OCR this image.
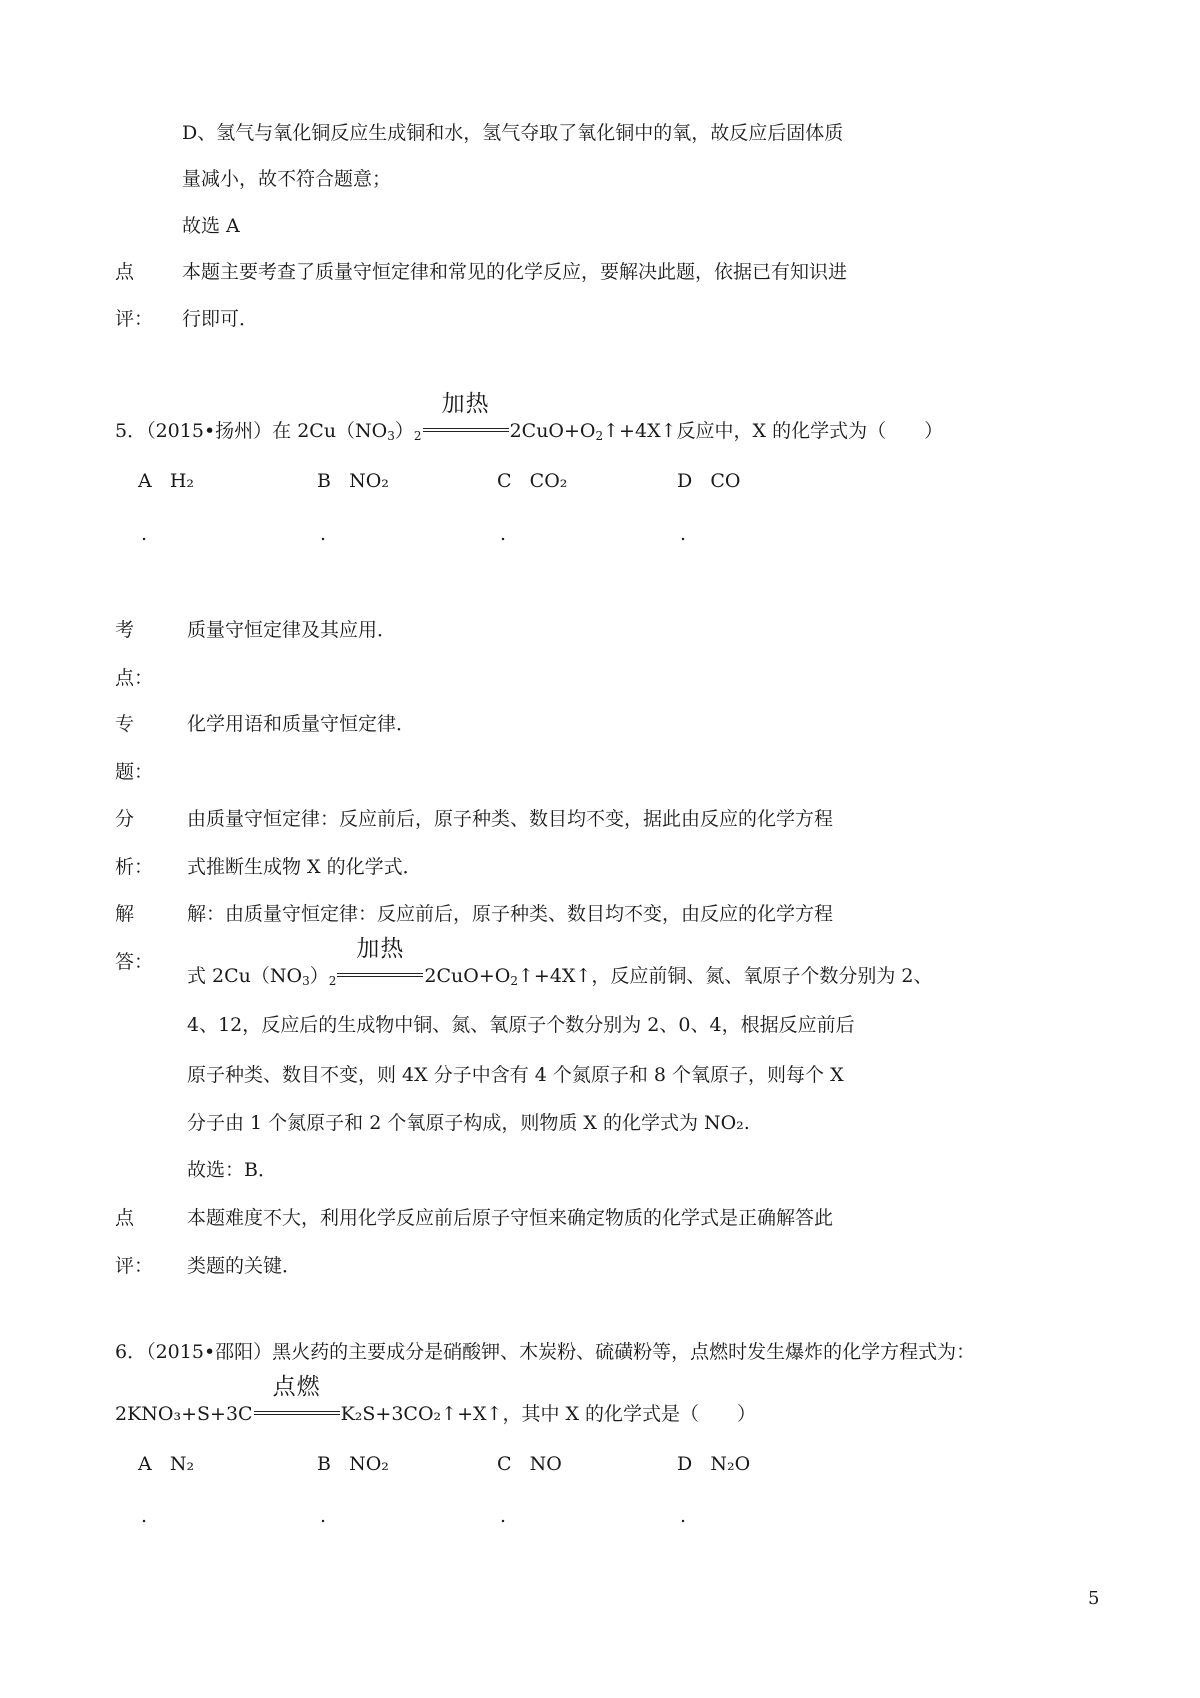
D、氢气与氧化铜反应生成铜和水，氢气夺取了氧化铜中的氧，故反应后固体质
量减小，故不符合题意；
故选 A
点
评：
本题主要考查了质量守恒定律和常见的化学反应，要解决此题，依据已有知识进
行即可．
5．（2015•扬州）在 $2Cu(NO_3)_2$
加热
$2CuO+O_2↑+4X↑$反应中，X 的化学式为（　　）
A H₂	B NO₂	C CO₂	D CO
.	.	.	.
考
点：
质量守恒定律及其应用．
专
题：
化学用语和质量守恒定律．
分
析：
由质量守恒定律：反应前后，原子种类、数目均不变，据此由反应的化学方程
式推断生成物 X 的化学式．
解
答：
解：由质量守恒定律：反应前后，原子种类、数目均不变，由反应的化学方程
式 $2Cu(NO_3)_2$
加热
$2CuO+O_2↑+4X↑$，反应前铜、氮、氧原子个数分别为 2、
4、12，反应后的生成物中铜、氮、氧原子个数分别为 2、0、4，根据反应前后
原子种类、数目不变，则 4X 分子中含有 4 个氮原子和 8 个氧原子，则每个 X
分子由 1 个氮原子和 2 个氧原子构成，则物质 X 的化学式为 NO₂.
故选：B．
点
评：
本题难度不大，利用化学反应前后原子守恒来确定物质的化学式是正确解答此
类题的关键．
6．（2015•邵阳）黑火药的主要成分是硝酸钾、木炭粉、硫磺粉等，点燃时发生爆炸的化学方程式为：
2KNO₃+S+3C
点燃
K₂S+3CO₂↑+X↑，其中 X 的化学式是（　　）
A N₂	B NO₂	C NO	D N₂O
.	.	.	.
5
